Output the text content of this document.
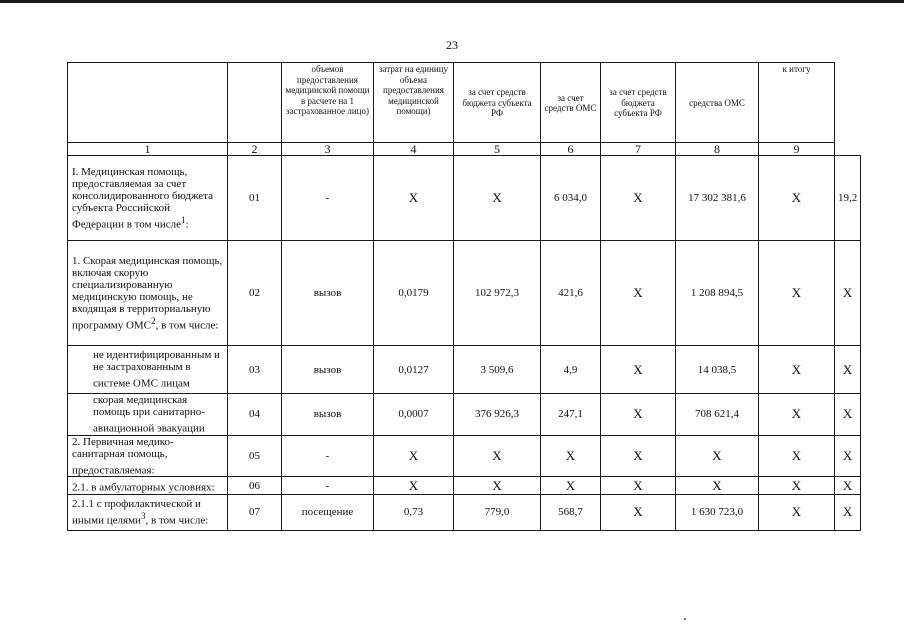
23
		объемов предоставления медицинской помощи в расчете на 1 застрахованное лицо)	затрат на единицу объема предоставления медицинской помощи)	за счет средств бюджета субъекта РФ	за счет средств ОМС	за счет средств бюджета субъекта РФ	средства ОМС	к итогу	
1	2	3	4	5	6	7	8	9	
I. Медицинская помощь, предоставляемая за счет консолидированного бюджета субъекта Российской Федерации в том числе$^1$:	01	-	X	X	6 034,0	X	17 302 381,6	X	19,2
1. Скорая медицинская помощь, включая скорую специализированную медицинскую помощь, не входящая в территориальную программу ОМС$^2$, в том числе:	02	вызов	0,0179	102 972,3	421,6	X	1 208 894,5	X	X
не идентифицированным и не застрахованным в системе ОМС лицам	03	вызов	0,0127	3 509,6	4,9	X	14 038,5	X	X
скорая медицинская помощь при санитарно-авиационной эвакуации	04	вызов	0,0007	376 926,3	247,1	X	708 621,4	X	X
2. Первичная медико-санитарная помощь, предоставляемая:	05	-	X	X	X	X	X	X	X
2.1. в амбулаторных условиях:	06	-	X	X	X	X	X	X	X
2.1.1 с профилактической и иными целями$^3$, в том числе:	07	посещение	0,73	779,0	568,7	X	1 630 723,0	X	X
